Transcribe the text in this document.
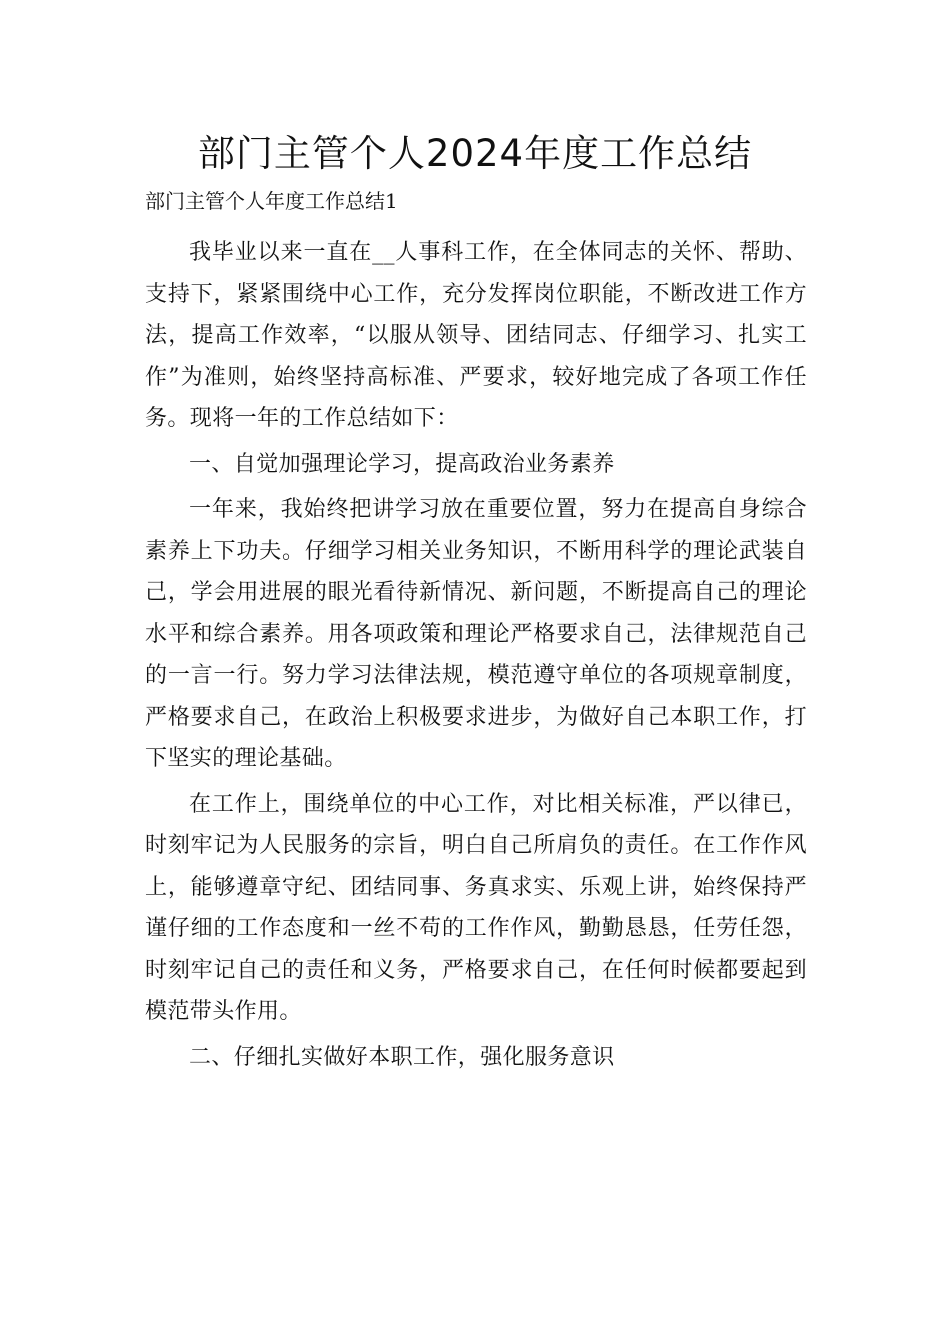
部门主管个人2024年度工作总结

部门主管个人年度工作总结1

我毕业以来一直在__人事科工作，在全体同志的关怀、帮助、支持下，紧紧围绕中心工作，充分发挥岗位职能，不断改进工作方法，提高工作效率，“以服从领导、团结同志、仔细学习、扎实工作”为准则，始终坚持高标准、严要求，较好地完成了各项工作任务。现将一年的工作总结如下：

一、自觉加强理论学习，提高政治业务素养

一年来，我始终把讲学习放在重要位置，努力在提高自身综合素养上下功夫。仔细学习相关业务知识，不断用科学的理论武装自己，学会用进展的眼光看待新情况、新问题，不断提高自己的理论水平和综合素养。用各项政策和理论严格要求自己，法律规范自己的一言一行。努力学习法律法规，模范遵守单位的各项规章制度，严格要求自己，在政治上积极要求进步，为做好自己本职工作，打下坚实的理论基础。

在工作上，围绕单位的中心工作，对比相关标准，严以律已，时刻牢记为人民服务的宗旨，明白自己所肩负的责任。在工作作风上，能够遵章守纪、团结同事、务真求实、乐观上讲，始终保持严谨仔细的工作态度和一丝不苟的工作作风，勤勤恳恳，任劳任怨，时刻牢记自己的责任和义务，严格要求自己，在任何时候都要起到模范带头作用。

二、仔细扎实做好本职工作，强化服务意识
